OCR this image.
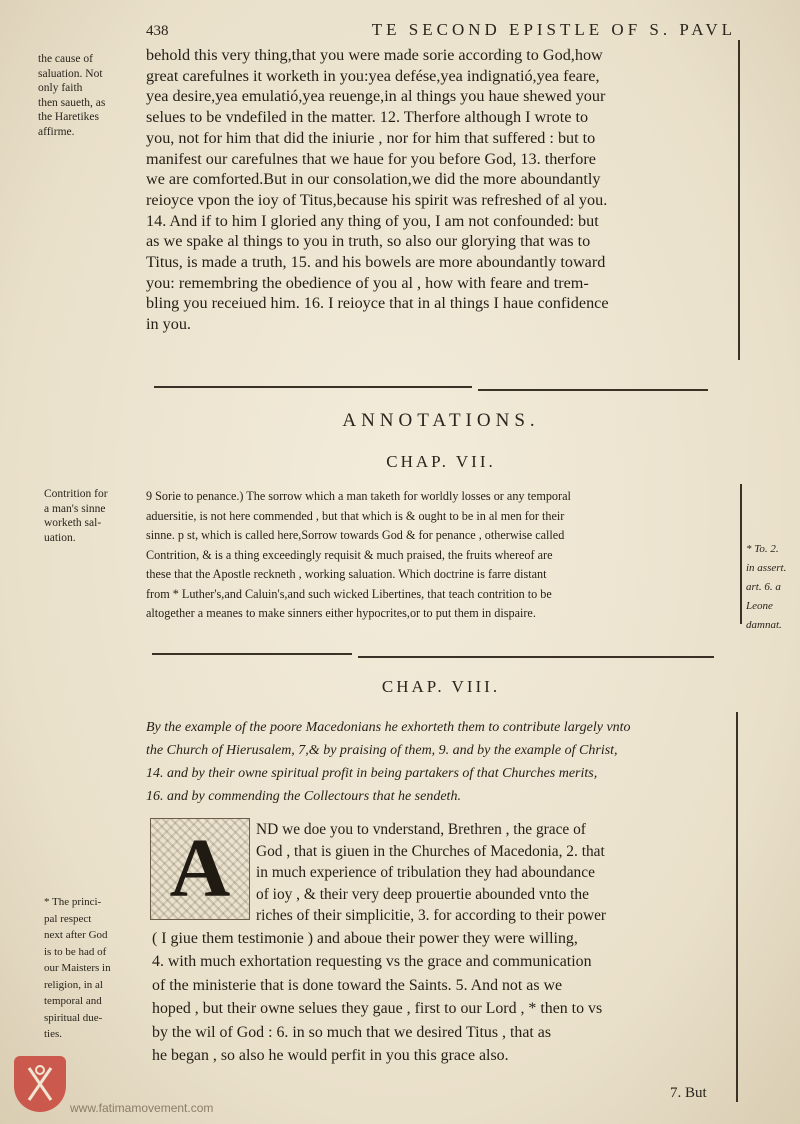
438	TE SECOND EPISTLE OF S. PAVL
the cause of
saluation. Not
only faith
then saueth, as
the Haretikes
affirme.
behold this very thing,that you were made sorie according to God,how
great carefulnes it worketh in you:yea defése,yea indignatió,yea feare,
yea desire,yea emulatió,yea reuenge,in al things you haue shewed your
selues to be vndefiled in the matter. 12. Therfore although I wrote to
you, not for him that did the iniurie , nor for him that suffered : but to
manifest our carefulnes that we haue for you before God, 13. therfore
we are comforted.But in our consolation,we did the more aboundantly
reioyce vpon the ioy of Titus,because his spirit was refreshed of al you.
14. And if to him I gloried any thing of you, I am not confounded: but
as we spake al things to you in truth, so also our glorying that was to
Titus, is made a truth, 15. and his bowels are more aboundantly toward
you: remembring the obedience of you al , how with feare and trem-
bling you receiued him. 16. I reioyce that in al things I haue confidence
in you.
ANNOTATIONS.
CHAP. VII.
Contrition for
a man's sinne
worketh sal-
uation.
9 Sorie to penance.) The sorrow which a man taketh for worldly losses or any temporal
aduersitie, is not here commended , but that which is & ought to be in al men for their
sinne. p st, which is called here,Sorrow towards God & for penance , otherwise called
Contrition, & is a thing exceedingly requisit & much praised, the fruits whereof are
these that the Apostle reckneth , working saluation. Which doctrine is farre distant
from * Luther's,and Caluin's,and such wicked Libertines, that teach contrition to be
altogether a meanes to make sinners either hypocrites,or to put them in dispaire.
* To. 2.
in assert.
art. 6. a
Leone
damnat.
CHAP. VIII.
By the example of the poore Macedonians he exhorteth them to contribute largely vnto
the Church of Hierusalem, 7,& by praising of them, 9. and by the example of Christ,
14. and by their owne spiritual profit in being partakers of that Churches merits,
16. and by commending the Collectours that he sendeth.
A ND we doe you to vnderstand, Brethren , the grace of
God , that is giuen in the Churches of Macedonia, 2. that
in much experience of tribulation they had aboundance
of ioy , & their very deep prouertie abounded vnto the
riches of their simplicitie, 3. for according to their power
( I giue them testimonie ) and aboue their power they were willing,
4. with much exhortation requesting vs the grace and communication
of the ministerie that is done toward the Saints. 5. And not as we
hoped , but their owne selues they gaue , first to our Lord , * then to vs
by the wil of God : 6. in so much that we desired Titus , that as
he began , so also he would perfit in you this grace also.
7. But
* The princi-
pal respect
next after God
is to be had of
our Maisters in
religion, in al
temporal and
spiritual due-
ties.
www.fatimamovement.com
